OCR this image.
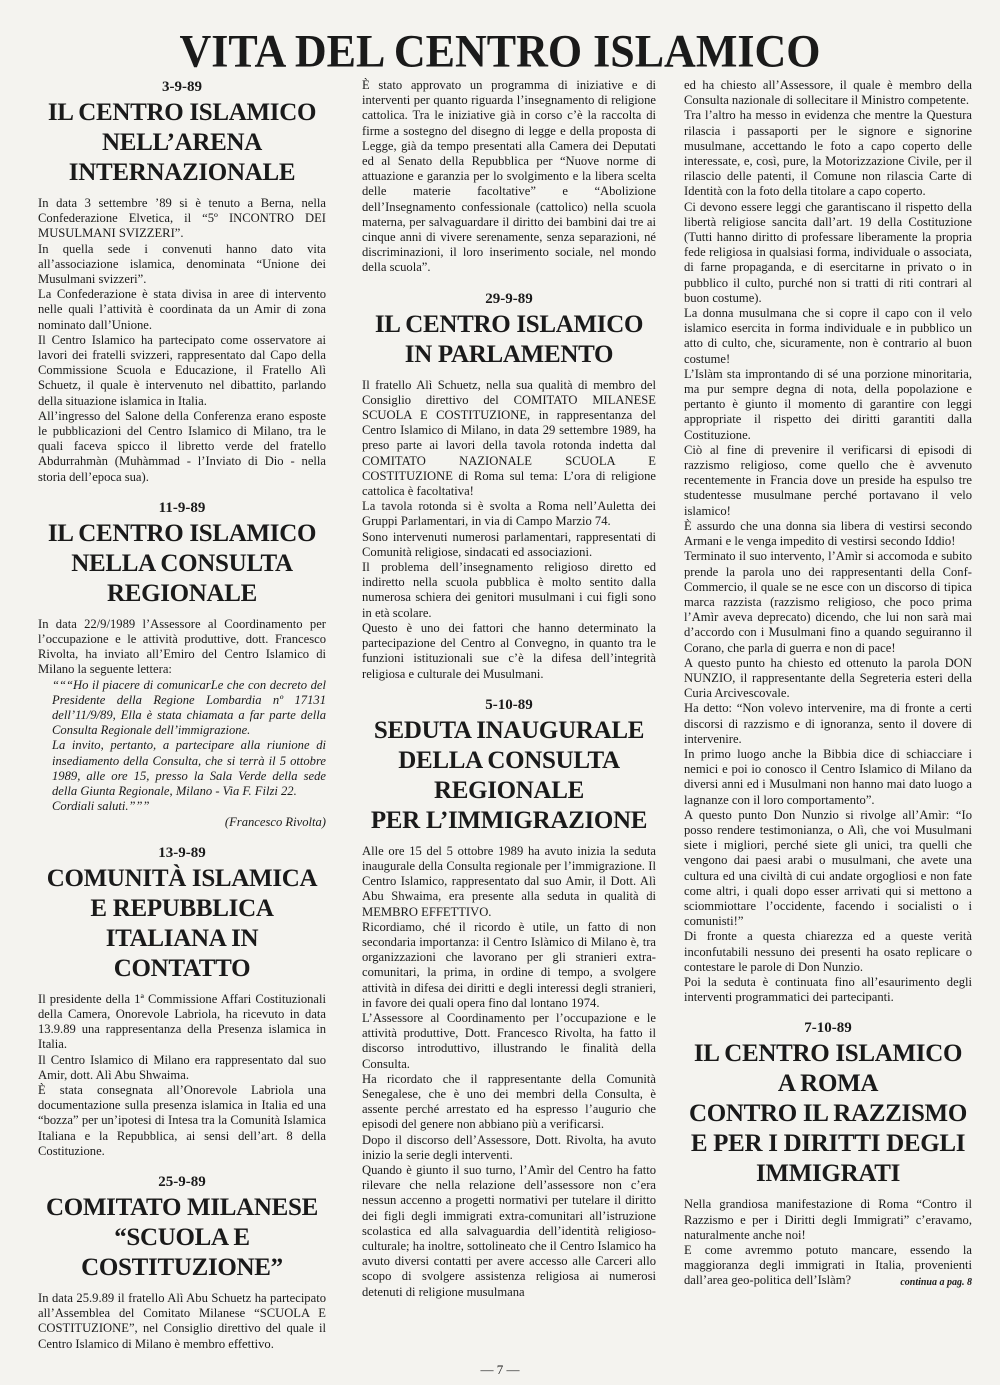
VITA DEL CENTRO ISLAMICO
3-9-89
IL CENTRO ISLAMICO
NELL’ARENA
INTERNAZIONALE

In data 3 settembre ’89 si è tenuto a Berna, nella Confederazione Elvetica, il “5º INCONTRO DEI MUSULMANI SVIZZERI”.

In quella sede i convenuti hanno dato vita all’associazione islamica, denominata “Unione dei Musulmani svizzeri”.

La Confederazione è stata divisa in aree di intervento nelle quali l’attività è coordinata da un Amir di zona nominato dall’Unione.

Il Centro Islamico ha partecipato come osservatore ai lavori dei fratelli svizzeri, rappresentato dal Capo della Commissione Scuola e Educazione, il Fratello Alì Schuetz, il quale è intervenuto nel dibattito, parlando della situazione islamica in Italia.

All’ingresso del Salone della Conferenza erano esposte le pubblicazioni del Centro Islamico di Milano, tra le quali faceva spicco il libretto verde del fratello Abdurrahmàn (Muhàmmad - l’Inviato di Dio - nella storia dell’epoca sua).

11-9-89
IL CENTRO ISLAMICO
NELLA CONSULTA
REGIONALE

In data 22/9/1989 l’Assessore al Coordinamento per l’occupazione e le attività produttive, dott. Francesco Rivolta, ha inviato all’Emiro del Centro Islamico di Milano la seguente lettera:

“““Ho il piacere di comunicarLe che con decreto del Presidente della Regione Lombardia nº 17131 dell’11/9/89, Ella è stata chiamata a far parte della Consulta Regionale dell’immigrazione.

La invito, pertanto, a partecipare alla riunione di insediamento della Consulta, che si terrà il 5 ottobre 1989, alle ore 15, presso la Sala Verde della sede della Giunta Regionale, Milano - Via F. Filzi 22.

Cordiali saluti.”””

(Francesco Rivolta)

13-9-89
COMUNITÀ ISLAMICA
E REPUBBLICA
ITALIANA IN CONTATTO

Il presidente della 1ª Commissione Affari Costituzionali della Camera, Onorevole Labriola, ha ricevuto in data 13.9.89 una rappresentanza della Presenza islamica in Italia.

Il Centro Islamico di Milano era rappresentato dal suo Amir, dott. Alì Abu Shwaima.

È stata consegnata all’Onorevole Labriola una documentazione sulla presenza islamica in Italia ed una “bozza” per un’ipotesi di Intesa tra la Comunità Islamica Italiana e la Repubblica, ai sensi dell’art. 8 della Costituzione.

25-9-89
COMITATO MILANESE
“SCUOLA E
COSTITUZIONE”

In data 25.9.89 il fratello Alì Abu Schuetz ha partecipato all’Assemblea del Comitato Milanese “SCUOLA E COSTITUZIONE”, nel Consiglio direttivo del quale il Centro Islamico di Milano è membro effettivo.

È stato approvato un programma di iniziative e di interventi per quanto riguarda l’insegnamento di religione cattolica. Tra le iniziative già in corso c’è la raccolta di firme a sostegno del disegno di legge e della proposta di Legge, già da tempo presentati alla Camera dei Deputati ed al Senato della Repubblica per “Nuove norme di attuazione e garanzia per lo svolgimento e la libera scelta delle materie facoltative” e “Abolizione dell’Insegnamento confessionale (cattolico) nella scuola materna, per salvaguardare il diritto dei bambini dai tre ai cinque anni di vivere serenamente, senza separazioni, né discriminazioni, il loro inserimento sociale, nel mondo della scuola”.

29-9-89
IL CENTRO ISLAMICO
IN PARLAMENTO

Il fratello Alì Schuetz, nella sua qualità di membro del Consiglio direttivo del COMITATO MILANESE SCUOLA E COSTITUZIONE, in rappresentanza del Centro Islamico di Milano, in data 29 settembre 1989, ha preso parte ai lavori della tavola rotonda indetta dal COMITATO NAZIONALE SCUOLA E COSTITUZIONE di Roma sul tema: L’ora di religione cattolica è facoltativa!

La tavola rotonda si è svolta a Roma nell’Auletta dei Gruppi Parlamentari, in via di Campo Marzio 74.

Sono intervenuti numerosi parlamentari, rappresentati di Comunità religiose, sindacati ed associazioni.

Il problema dell’insegnamento religioso diretto ed indiretto nella scuola pubblica è molto sentito dalla numerosa schiera dei genitori musulmani i cui figli sono in età scolare.

Questo è uno dei fattori che hanno determinato la partecipazione del Centro al Convegno, in quanto tra le funzioni istituzionali sue c’è la difesa dell’integrità religiosa e culturale dei Musulmani.

5-10-89
SEDUTA INAUGURALE
DELLA CONSULTA
REGIONALE
PER L’IMMIGRAZIONE

Alle ore 15 del 5 ottobre 1989 ha avuto inizia la seduta inaugurale della Consulta regionale per l’immigrazione. Il Centro Islamico, rappresentato dal suo Amir, il Dott. Alì Abu Shwaima, era presente alla seduta in qualità di MEMBRO EFFETTIVO.

Ricordiamo, ché il ricordo è utile, un fatto di non secondaria importanza: il Centro Islàmico di Milano è, tra organizzazioni che lavorano per gli stranieri extra-comunitari, la prima, in ordine di tempo, a svolgere attività in difesa dei diritti e degli interessi degli stranieri, in favore dei quali opera fino dal lontano 1974.

L’Assessore al Coordinamento per l’occupazione e le attività produttive, Dott. Francesco Rivolta, ha fatto il discorso introduttivo, illustrando le finalità della Consulta.

Ha ricordato che il rappresentante della Comunità Senegalese, che è uno dei membri della Consulta, è assente perché arrestato ed ha espresso l’augurio che episodi del genere non abbiano più a verificarsi.

Dopo il discorso dell’Assessore, Dott. Rivolta, ha avuto inizio la serie degli interventi.

Quando è giunto il suo turno, l’Amìr del Centro ha fatto rilevare che nella relazione dell’assessore non c’era nessun accenno a progetti normativi per tutelare il diritto dei figli degli immigrati extra-comunitari all’istruzione scolastica ed alla salvaguardia dell’identità religioso-culturale; ha inoltre, sottolineato che il Centro Islamico ha avuto diversi contatti per avere accesso alle Carceri allo scopo di svolgere assistenza religiosa ai numerosi detenuti di religione musulmana

ed ha chiesto all’Assessore, il quale è membro della Consulta nazionale di sollecitare il Ministro competente.

Tra l’altro ha messo in evidenza che mentre la Questura rilascia i passaporti per le signore e signorine musulmane, accettando le foto a capo coperto delle interessate, e, così, pure, la Motorizzazione Civile, per il rilascio delle patenti, il Comune non rilascia Carte di Identità con la foto della titolare a capo coperto.

Ci devono essere leggi che garantiscano il rispetto della libertà religiose sancita dall’art. 19 della Costituzione (Tutti hanno diritto di professare liberamente la propria fede religiosa in qualsiasi forma, individuale o associata, di farne propaganda, e di esercitarne in privato o in pubblico il culto, purché non si tratti di riti contrari al buon costume).

La donna musulmana che si copre il capo con il velo islamico esercita in forma individuale e in pubblico un atto di culto, che, sicuramente, non è contrario al buon costume!

L’Islàm sta improntando di sé una porzione minoritaria, ma pur sempre degna di nota, della popolazione e pertanto è giunto il momento di garantire con leggi appropriate il rispetto dei diritti garantiti dalla Costituzione.

Ciò al fine di prevenire il verificarsi di episodi di razzismo religioso, come quello che è avvenuto recentemente in Francia dove un preside ha espulso tre studentesse musulmane perché portavano il velo islamico!

È assurdo che una donna sia libera di vestirsi secondo Armani e le venga impedito di vestirsi secondo Iddio!

Terminato il suo intervento, l’Amìr si accomoda e subito prende la parola uno dei rappresentanti della Conf-Commercio, il quale se ne esce con un discorso di tipica marca razzista (razzismo religioso, che poco prima l’Amìr aveva deprecato) dicendo, che lui non sarà mai d’accordo con i Musulmani fino a quando seguiranno il Corano, che parla di guerra e non di pace!

A questo punto ha chiesto ed ottenuto la parola DON NUNZIO, il rappresentante della Segreteria esteri della Curia Arcivescovale.

Ha detto: “Non volevo intervenire, ma di fronte a certi discorsi di razzismo e di ignoranza, sento il dovere di intervenire.

In primo luogo anche la Bibbia dice di schiacciare i nemici e poi io conosco il Centro Islamico di Milano da diversi anni ed i Musulmani non hanno mai dato luogo a lagnanze con il loro comportamento”.

A questo punto Don Nunzio si rivolge all’Amìr: “Io posso rendere testimonianza, o Alì, che voi Musulmani siete i migliori, perché siete gli unici, tra quelli che vengono dai paesi arabi o musulmani, che avete una cultura ed una civiltà di cui andate orgogliosi e non fate come altri, i quali dopo esser arrivati qui si mettono a sciommiottare l’occidente, facendo i socialisti o i comunisti!”

Di fronte a questa chiarezza ed a queste verità inconfutabili nessuno dei presenti ha osato replicare o contestare le parole di Don Nunzio.

Poi la seduta è continuata fino all’esaurimento degli interventi programmatici dei partecipanti.

7-10-89
IL CENTRO ISLAMICO
A ROMA
CONTRO IL RAZZISMO
E PER I DIRITTI DEGLI
IMMIGRATI

Nella grandiosa manifestazione di Roma “Contro il Razzismo e per i Diritti degli Immigrati” c’eravamo, naturalmente anche noi!

E come avremmo potuto mancare, essendo la maggioranza degli immigrati in Italia, provenienti dall’area geo-politica dell’Islàm?	continua a pag. 8
— 7 —
